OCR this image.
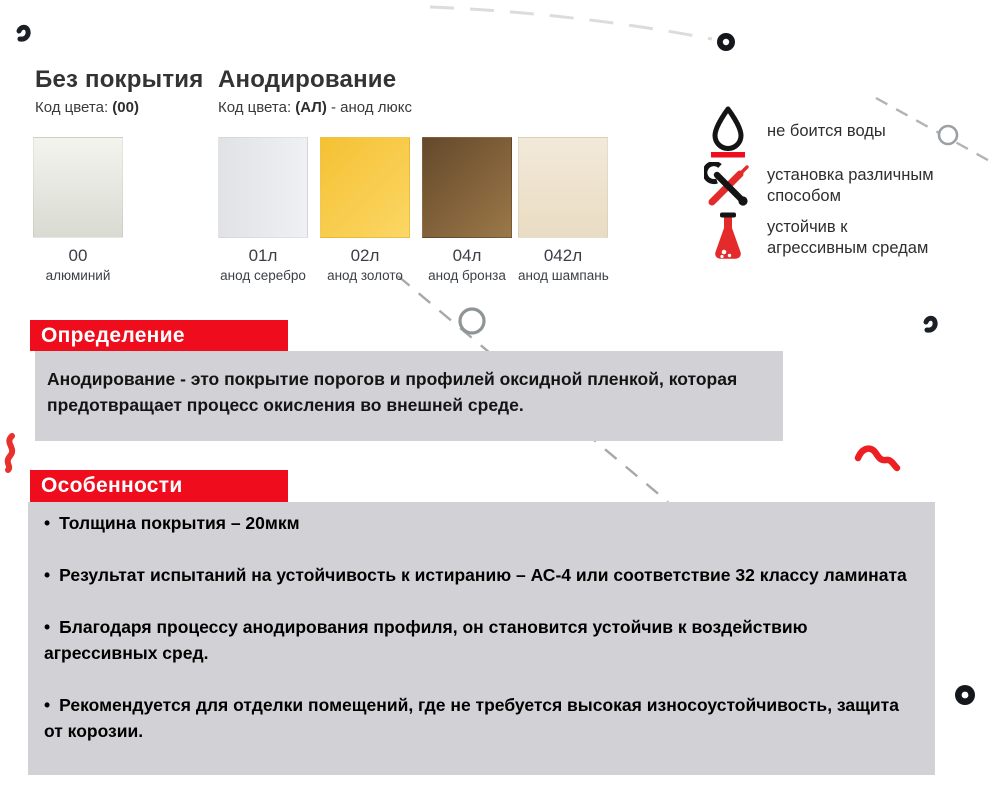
Без покрытия
Код цвета: (00)
Анодирование
Код цвета: (АЛ) - анод люкс
00
алюминий
01л
анод серебро
02л
анод золото
04л
анод бронза
042л
анод шампань
не боится воды
установка различным
способом
устойчив к
агрессивным средам
Определение
Анодирование - это покрытие порогов и профилей оксидной пленкой, которая предотвращает процесс окисления во внешней среде.
Особенности

• Толщина покрытия – 20мкм

• Результат испытаний на устойчивость к истиранию – АС-4 или соответствие 32 классу ламината

• Благодаря процессу анодирования профиля, он становится устойчив к воздействию агрессивных сред.

• Рекомендуется для отделки помещений, где не требуется высокая износоустойчивость, защита от корозии.
